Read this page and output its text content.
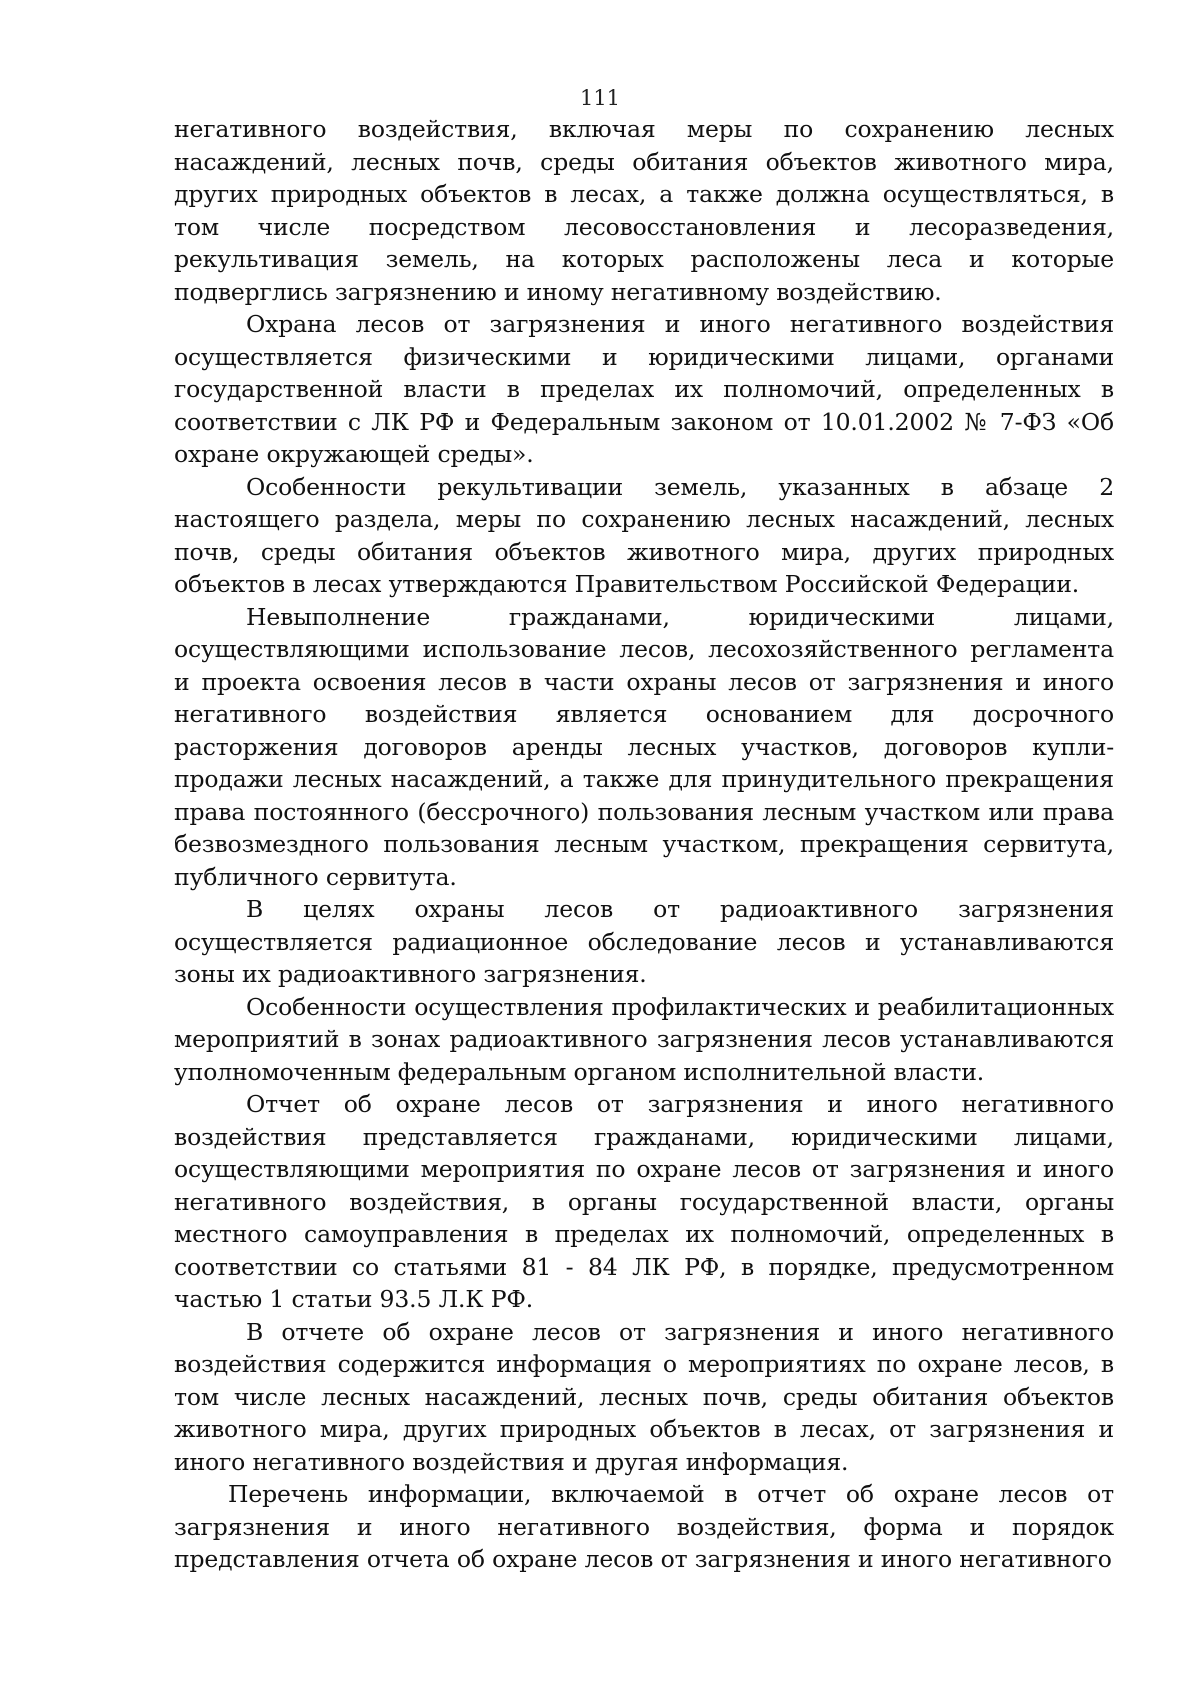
111

негативного воздействия, включая меры по сохранению лесных насаждений, лесных почв, среды обитания объектов животного мира, других природных объектов в лесах, а также должна осуществляться, в том числе посредством лесовосстановления и лесоразведения, рекультивация земель, на которых расположены леса и которые подверглись загрязнению и иному негативному воздействию.

Охрана лесов от загрязнения и иного негативного воздействия осуществляется физическими и юридическими лицами, органами государственной власти в пределах их полномочий, определенных в соответствии с ЛК РФ и Федеральным законом от 10.01.2002 № 7-ФЗ «Об охране окружающей среды».

Особенности рекультивации земель, указанных в абзаце 2 настоящего раздела, меры по сохранению лесных насаждений, лесных почв, среды обитания объектов животного мира, других природных объектов в лесах утверждаются Правительством Российской Федерации.

Невыполнение гражданами, юридическими лицами, осуществляющими использование лесов, лесохозяйственного регламента и проекта освоения лесов в части охраны лесов от загрязнения и иного негативного воздействия является основанием для досрочного расторжения договоров аренды лесных участков, договоров купли-продажи лесных насаждений, а также для принудительного прекращения права постоянного (бессрочного) пользования лесным участком или права безвозмездного пользования лесным участком, прекращения сервитута, публичного сервитута.

В целях охраны лесов от радиоактивного загрязнения осуществляется радиационное обследование лесов и устанавливаются зоны их радиоактивного загрязнения.

Особенности осуществления профилактических и реабилитационных мероприятий в зонах радиоактивного загрязнения лесов устанавливаются уполномоченным федеральным органом исполнительной власти.

Отчет об охране лесов от загрязнения и иного негативного воздействия представляется гражданами, юридическими лицами, осуществляющими мероприятия по охране лесов от загрязнения и иного негативного воздействия, в органы государственной власти, органы местного самоуправления в пределах их полномочий, определенных в соответствии со статьями 81 - 84 ЛК РФ, в порядке, предусмотренном частью 1 статьи 93.5 Л.К РФ.

В отчете об охране лесов от загрязнения и иного негативного воздействия содержится информация о мероприятиях по охране лесов, в том числе лесных насаждений, лесных почв, среды обитания объектов животного мира, других природных объектов в лесах, от загрязнения и иного негативного воздействия и другая информация.

Перечень информации, включаемой в отчет об охране лесов от загрязнения и иного негативного воздействия, форма и порядок представления отчета об охране лесов от загрязнения и иного негативного
